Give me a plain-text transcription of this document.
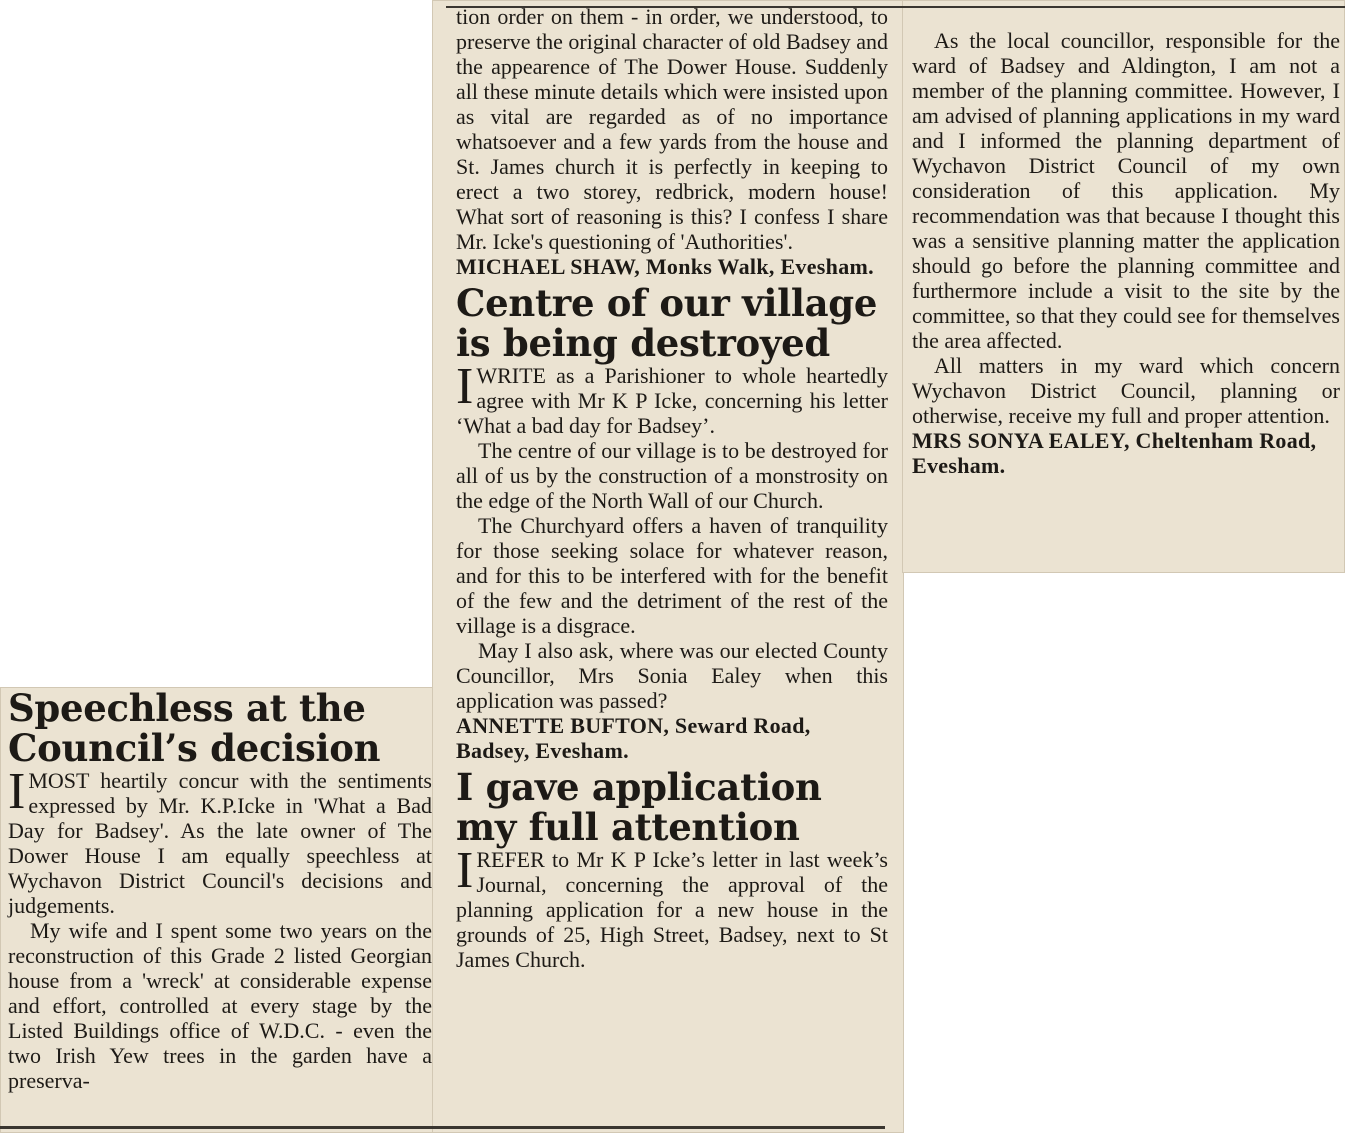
Speechless at the Council’s decision

IMOST heartily concur with the sentiments expressed by Mr. K.P.Icke in 'What a Bad Day for Badsey'. As the late owner of The Dower House I am equally speechless at Wychavon District Council's decisions and judgements.

My wife and I spent some two years on the reconstruction of this Grade 2 listed Georgian house from a 'wreck' at considerable expense and effort, controlled at every stage by the Listed Buildings office of W.D.C. - even the two Irish Yew trees in the garden have a preserva-

tion order on them - in order, we understood, to preserve the original character of old Badsey and the appearence of The Dower House. Suddenly all these minute details which were insisted upon as vital are regarded as of no importance whatsoever and a few yards from the house and St. James church it is perfectly in keeping to erect a two storey, redbrick, modern house! What sort of reasoning is this? I confess I share Mr. Icke's questioning of 'Authorities'.

MICHAEL SHAW, Monks Walk, Evesham.

Centre of our village is being destroyed

IWRITE as a Parishioner to whole heartedly agree with Mr K P Icke, concerning his letter ‘What a bad day for Badsey’.

The centre of our village is to be destroyed for all of us by the construction of a monstrosity on the edge of the North Wall of our Church.

The Churchyard offers a haven of tranquility for those seeking solace for whatever reason, and for this to be interfered with for the benefit of the few and the detriment of the rest of the village is a disgrace.

May I also ask, where was our elected County Councillor, Mrs Sonia Ealey when this application was passed?

ANNETTE BUFTON, Seward Road, Badsey, Evesham.

I gave application my full attention

IREFER to Mr K P Icke’s letter in last week’s Journal, concerning the approval of the planning application for a new house in the grounds of 25, High Street, Badsey, next to St James Church.

As the local councillor, responsible for the ward of Badsey and Aldington, I am not a member of the planning committee. However, I am advised of planning applications in my ward and I informed the planning department of Wychavon District Council of my own consideration of this application. My recommendation was that because I thought this was a sensitive planning matter the application should go before the planning committee and furthermore include a visit to the site by the committee, so that they could see for themselves the area affected.

All matters in my ward which concern Wychavon District Council, planning or otherwise, receive my full and proper attention.

MRS SONYA EALEY, Cheltenham Road, Evesham.
